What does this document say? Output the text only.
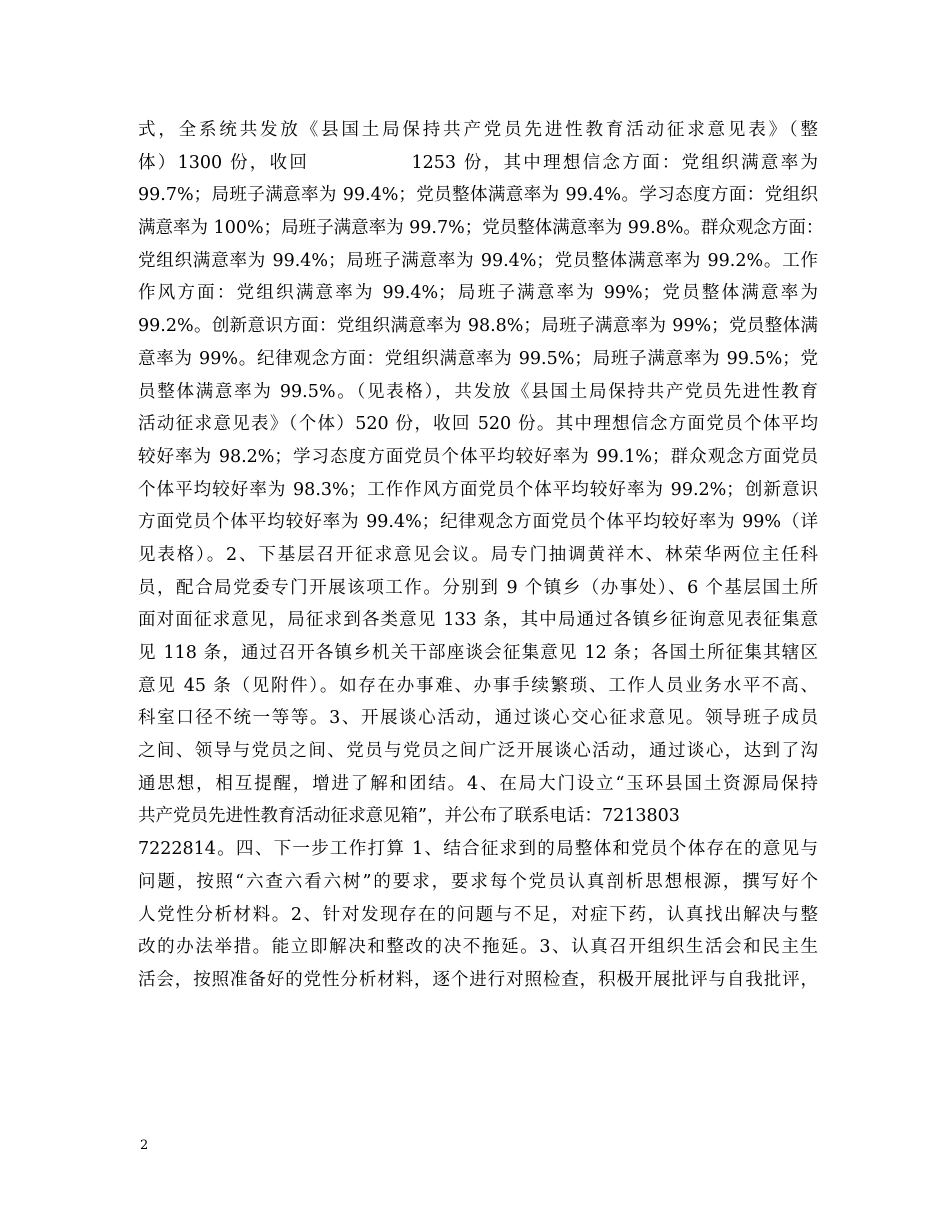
式，全系统共发放《县国土局保持共产党员先进性教育活动征求意见表》（整
体）1300 份，收回             1253 份，其中理想信念方面：党组织满意率为
99.7%；局班子满意率为 99.4%；党员整体满意率为 99.4%。学习态度方面：党组织
满意率为 100%；局班子满意率为 99.7%；党员整体满意率为 99.8%。群众观念方面：
党组织满意率为 99.4%；局班子满意率为 99.4%；党员整体满意率为 99.2%。工作
作风方面：党组织满意率为 99.4%；局班子满意率为 99%；党员整体满意率为
99.2%。创新意识方面：党组织满意率为 98.8%；局班子满意率为 99%；党员整体满
意率为 99%。纪律观念方面：党组织满意率为 99.5%；局班子满意率为 99.5%；党
员整体满意率为 99.5%。（见表格），共发放《县国土局保持共产党员先进性教育
活动征求意见表》（个体）520 份，收回 520 份。其中理想信念方面党员个体平均
较好率为 98.2%；学习态度方面党员个体平均较好率为 99.1%；群众观念方面党员
个体平均较好率为 98.3%；工作作风方面党员个体平均较好率为 99.2%；创新意识
方面党员个体平均较好率为 99.4%；纪律观念方面党员个体平均较好率为 99%（详
见表格）。2、下基层召开征求意见会议。局专门抽调黄祥木、林荣华两位主任科
员，配合局党委专门开展该项工作。分别到 9 个镇乡（办事处）、6 个基层国土所
面对面征求意见，局征求到各类意见 133 条，其中局通过各镇乡征询意见表征集意
见 118 条，通过召开各镇乡机关干部座谈会征集意见 12 条；各国土所征集其辖区
意见 45 条（见附件）。如存在办事难、办事手续繁琐、工作人员业务水平不高、
科室口径不统一等等。3、开展谈心活动，通过谈心交心征求意见。领导班子成员
之间、领导与党员之间、党员与党员之间广泛开展谈心活动，通过谈心，达到了沟
通思想，相互提醒，增进了解和团结。4、在局大门设立“玉环县国土资源局保持
共产党员先进性教育活动征求意见箱”，并公布了联系电话：7213803
7222814。四、下一步工作打算 1、结合征求到的局整体和党员个体存在的意见与
问题，按照“六查六看六树”的要求，要求每个党员认真剖析思想根源，撰写好个
人党性分析材料。2、针对发现存在的问题与不足，对症下药，认真找出解决与整
改的办法举措。能立即解决和整改的决不拖延。3、认真召开组织生活会和民主生
活会，按照准备好的党性分析材料，逐个进行对照检查，积极开展批评与自我批评，
2
